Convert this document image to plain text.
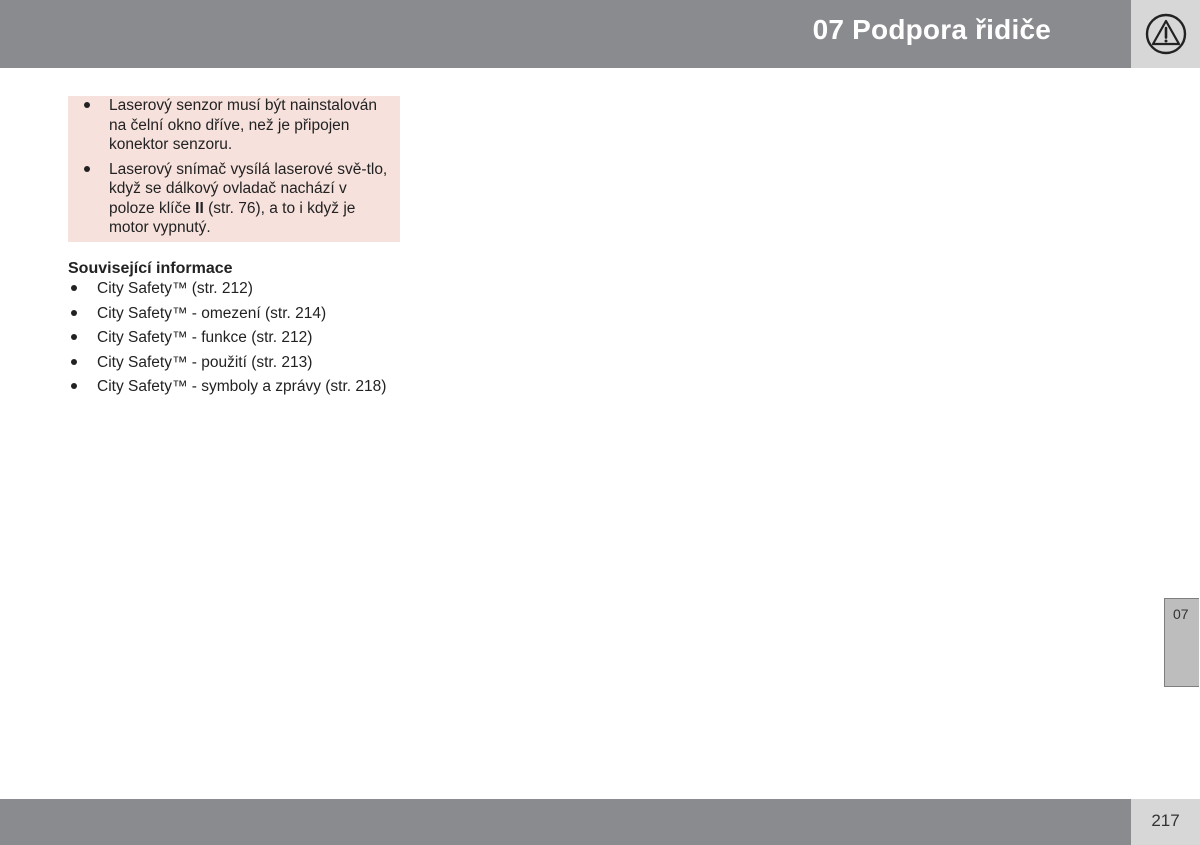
07 Podpora řidiče
Laserový senzor musí být nainstalován na čelní okno dříve, než je připojen konektor senzoru.
Laserový snímač vysílá laserové svě-tlo, když se dálkový ovladač nachází v poloze klíče II (str. 76), a to i když je motor vypnutý.
Související informace
City Safety™ (str. 212)
City Safety™ - omezení (str. 214)
City Safety™ - funkce (str. 212)
City Safety™ - použití (str. 213)
City Safety™ - symboly a zprávy (str. 218)
07
217
